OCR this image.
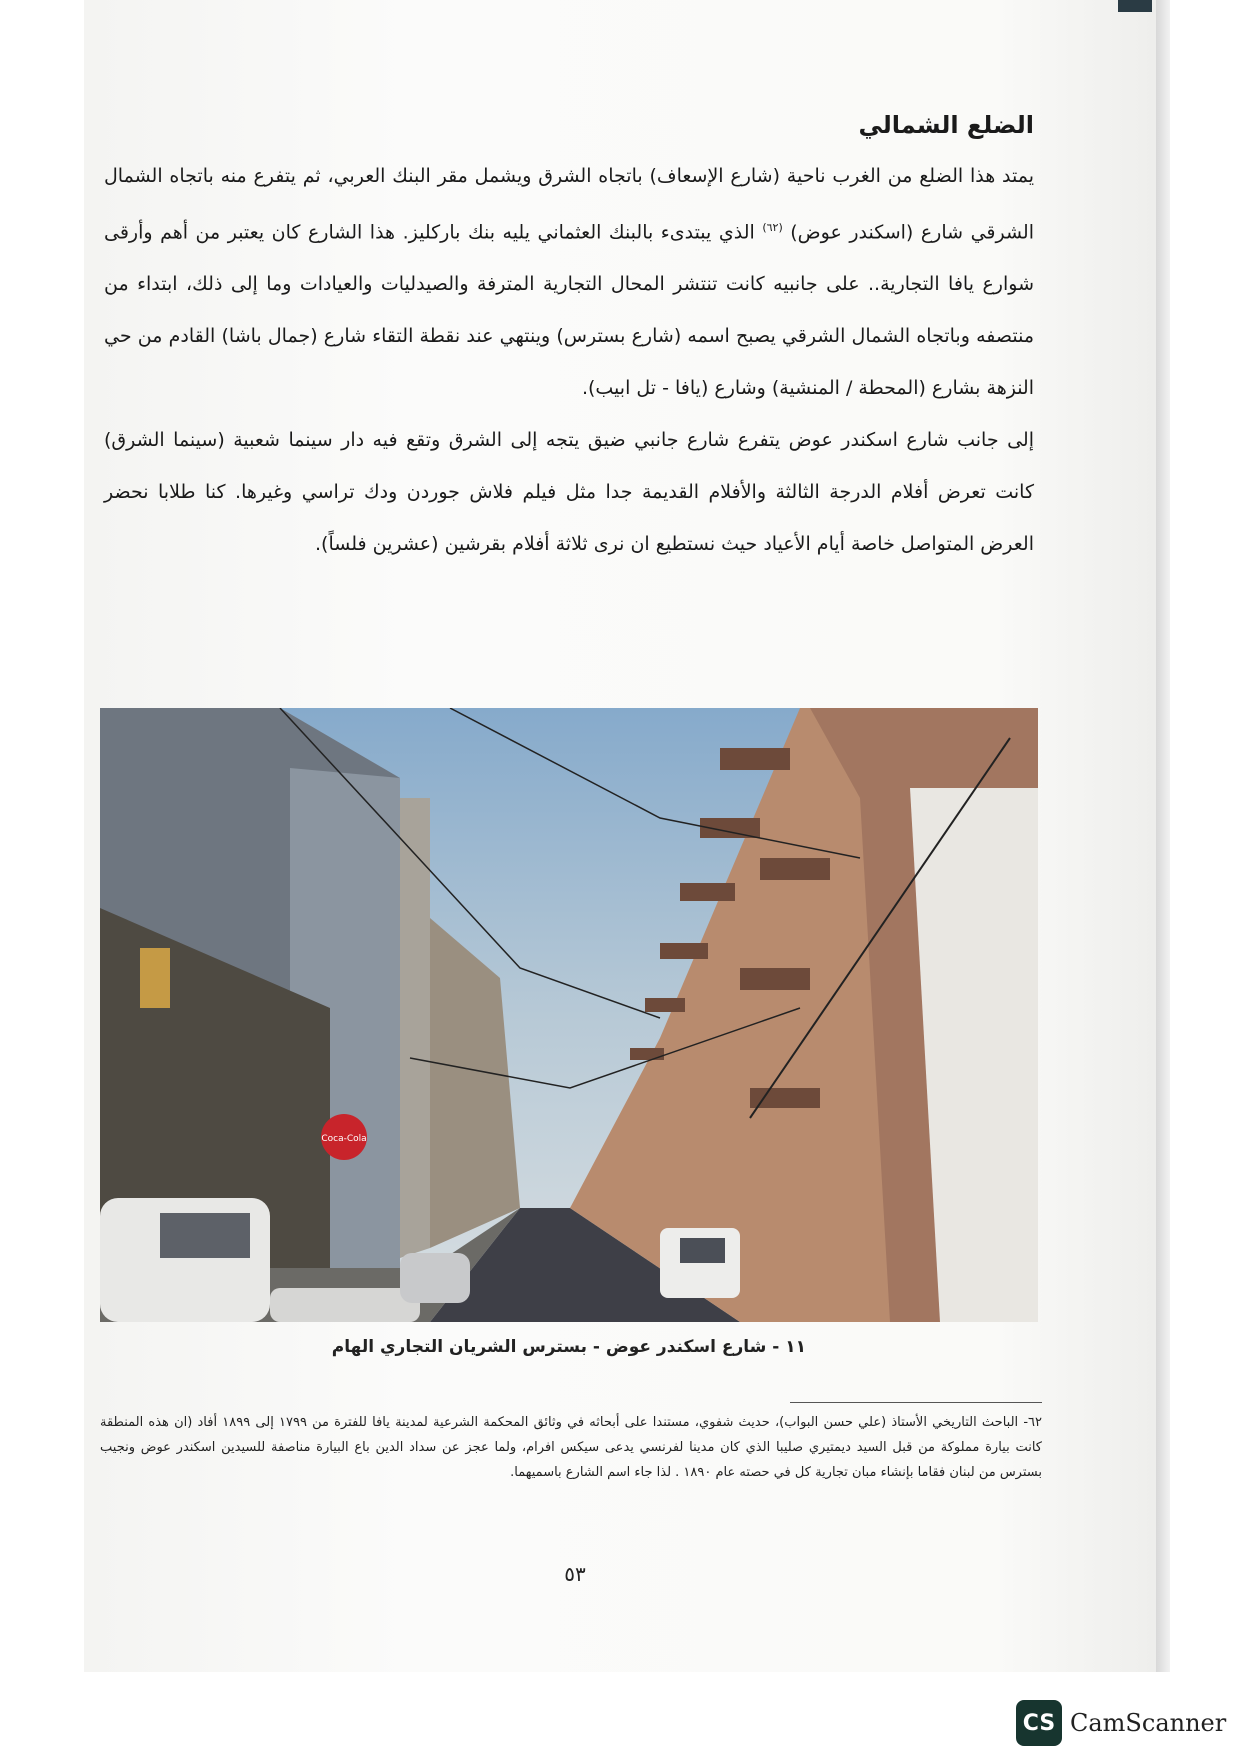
الضلع الشمالي

يمتد هذا الضلع من الغرب ناحية (شارع الإسعاف) باتجاه الشرق ويشمل مقر البنك العربي، ثم يتفرع منه باتجاه الشمال الشرقي شارع (اسكندر عوض) $^{(٦٢)}$ الذي يبتدىء بالبنك العثماني يليه بنك باركليز. هذا الشارع كان يعتبر من أهم وأرقى شوارع يافا التجارية.. على جانبيه كانت تنتشر المحال التجارية المترفة والصيدليات والعيادات وما إلى ذلك، ابتداء من منتصفه وباتجاه الشمال الشرقي يصبح اسمه (شارع بسترس) وينتهي عند نقطة التقاء شارع (جمال باشا) القادم من حي النزهة بشارع (المحطة / المنشية) وشارع (يافا - تل ابيب).

إلى جانب شارع اسكندر عوض يتفرع شارع جانبي ضيق يتجه إلى الشرق وتقع فيه دار سينما شعبية (سينما الشرق) كانت تعرض أفلام الدرجة الثالثة والأفلام القديمة جدا مثل فيلم فلاش جوردن ودك تراسي وغيرها. كنا طلابا نحضر العرض المتواصل خاصة أيام الأعياد حيث نستطيع ان نرى ثلاثة أفلام بقرشين (عشرين فلساً).

Coca-Cola
١١ - شارع اسكندر عوض - بسترس الشريان التجاري الهام
٦٢- الباحث التاريخي الأستاذ (علي حسن البواب)، حديث شفوي، مستندا على أبحاثه في وثائق المحكمة الشرعية لمدينة يافا للفترة من ١٧٩٩ إلى ١٨٩٩ أفاد (ان هذه المنطقة كانت بيارة مملوكة من قبل السيد ديمتيري صليبا الذي كان مدينا لفرنسي يدعى سيكس افرام، ولما عجز عن سداد الدين باع البيارة مناصفة للسيدين اسكندر عوض ونجيب بسترس من لبنان فقاما بإنشاء مبان تجارية كل في حصته عام ١٨٩٠ . لذا جاء اسم الشارع باسميهما.
٥٣
CS CamScanner
